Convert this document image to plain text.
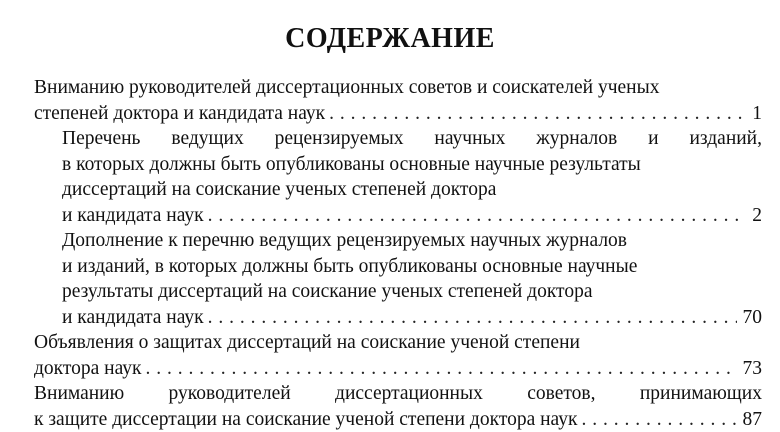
СОДЕРЖАНИЕ
Вниманию руководителей диссертационных советов и соискателей ученых
степеней доктора и кандидата наук . . .	1
Перечень ведущих рецензируемых научных журналов и изданий,
в которых должны быть опубликованы основные научные результаты
диссертаций на соискание ученых степеней доктора
и кандидата наук . . .	2
Дополнение к перечню ведущих рецензируемых научных журналов
и изданий, в которых должны быть опубликованы основные научные
результаты диссертаций на соискание ученых степеней доктора
и кандидата наук . . .	70
Объявления о защитах диссертаций на соискание ученой степени
доктора наук . . .	73
Вниманию руководителей диссертационных советов, принимающих
к защите диссертации на соискание ученой степени доктора наук . . .	87
